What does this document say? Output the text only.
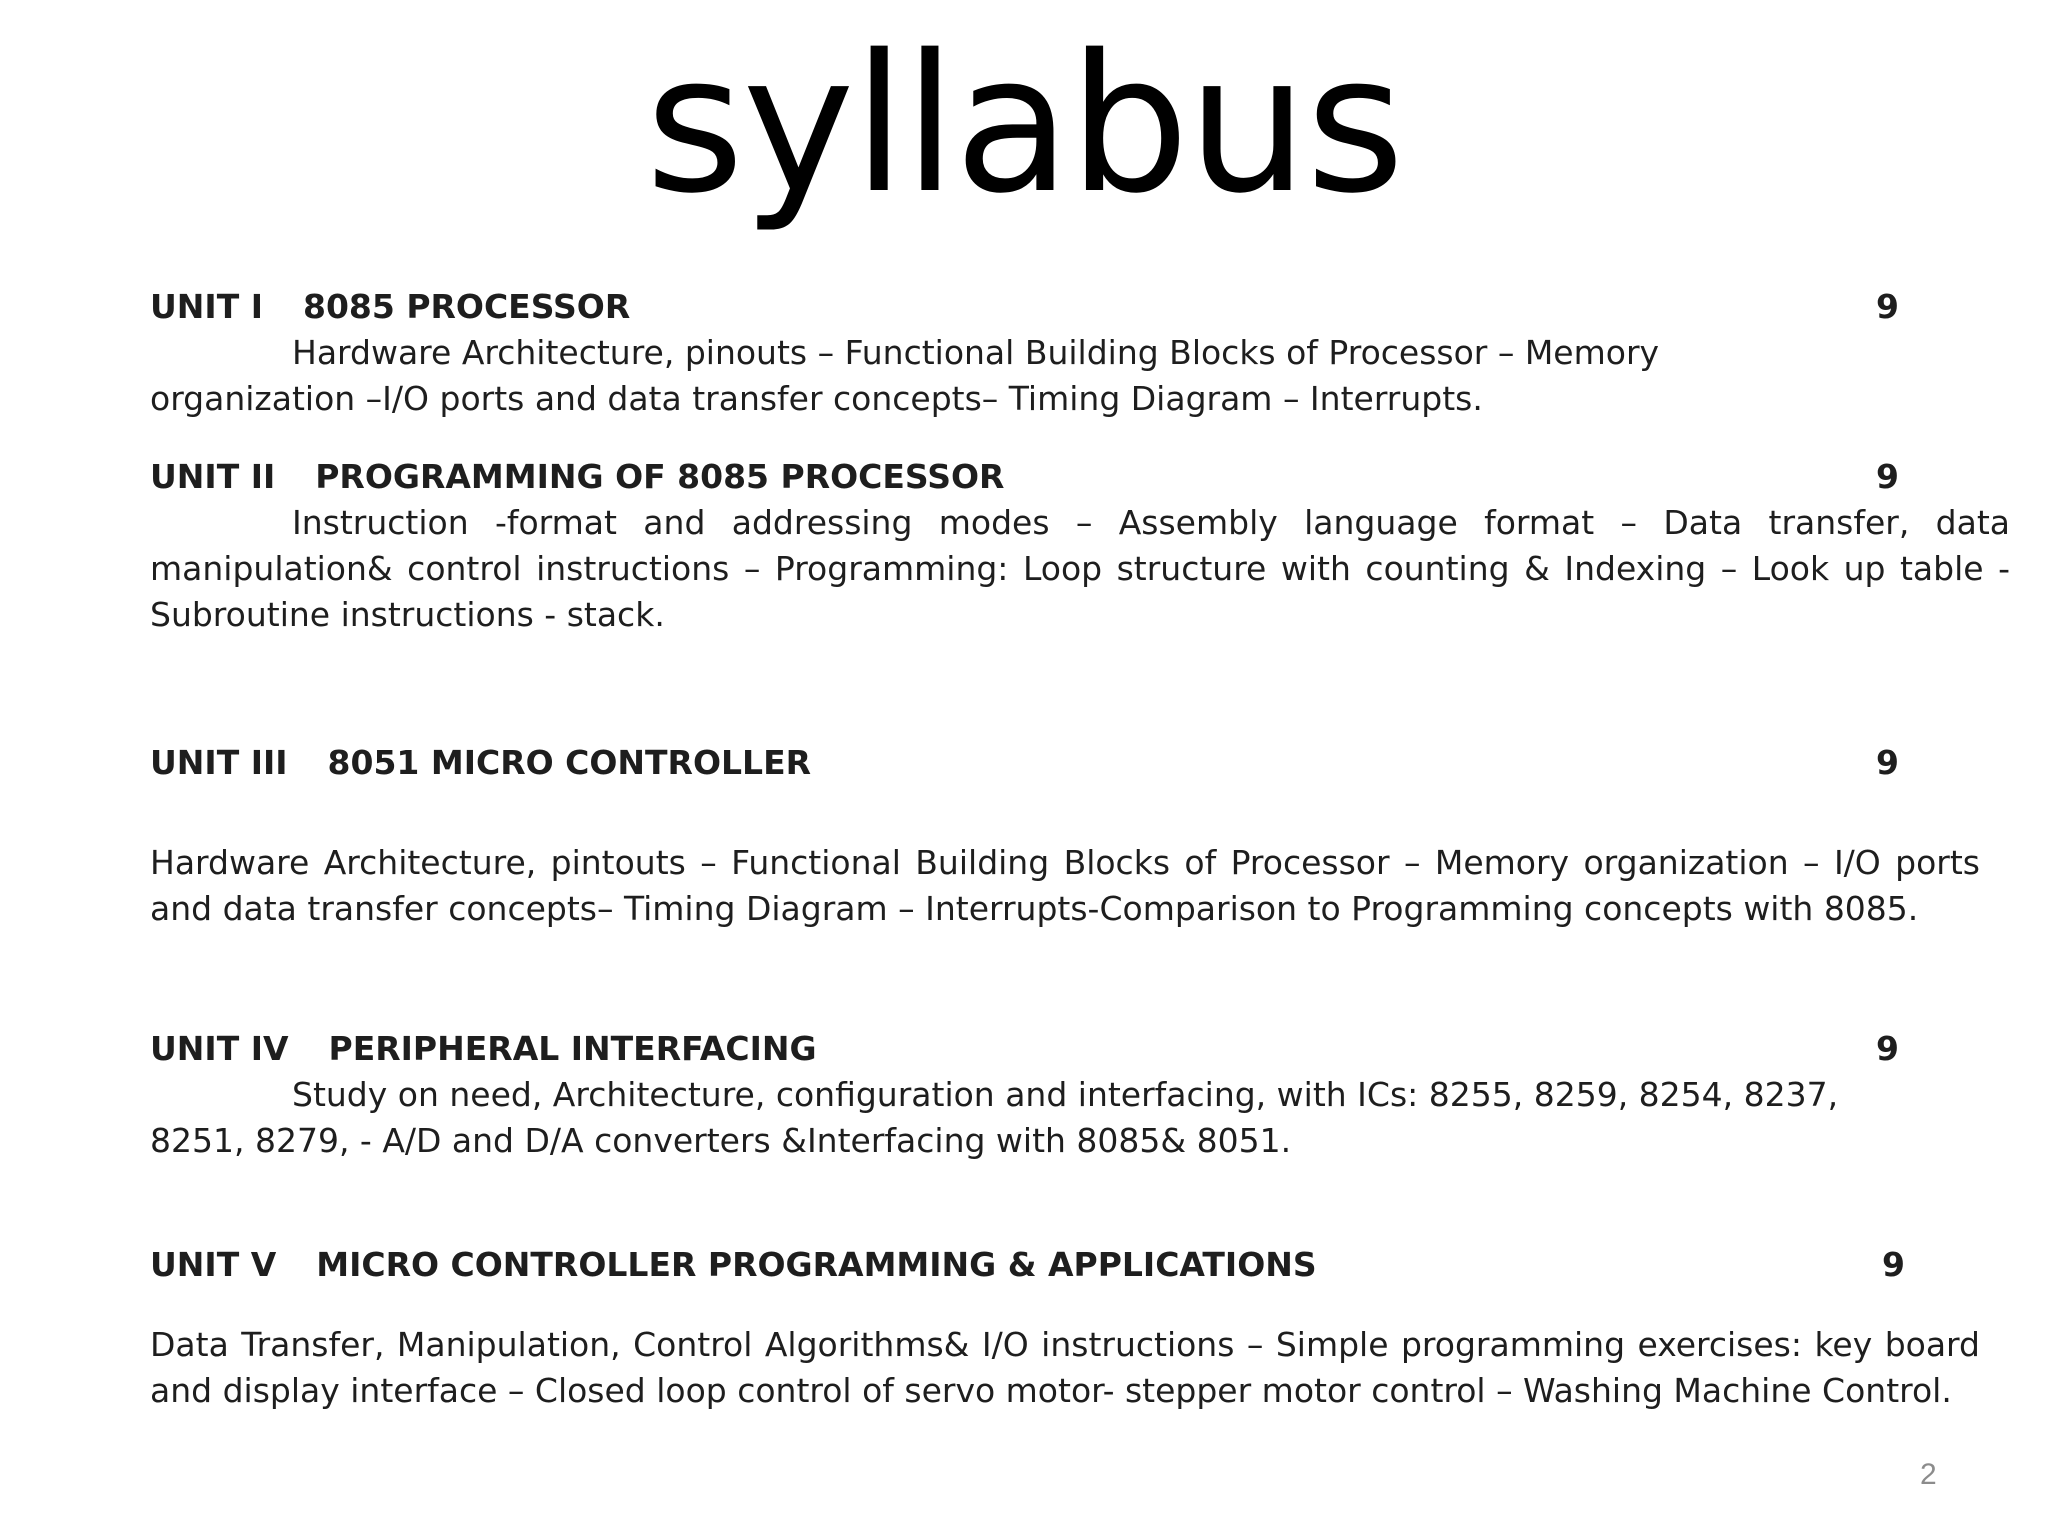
syllabus
UNIT I 8085 PROCESSOR	9
Hardware Architecture, pinouts – Functional Building Blocks of Processor – Memory organization –I/O ports and data transfer concepts– Timing Diagram – Interrupts.
UNIT II PROGRAMMING OF 8085 PROCESSOR	9
Instruction -format and addressing modes – Assembly language format – Data transfer, data manipulation& control instructions – Programming: Loop structure with counting & Indexing – Look up table - Subroutine instructions - stack.
UNIT III 8051 MICRO CONTROLLER	9
Hardware Architecture, pintouts – Functional Building Blocks of Processor – Memory organization – I/O ports and data transfer concepts– Timing Diagram – Interrupts-Comparison to Programming concepts with 8085.
UNIT IV PERIPHERAL INTERFACING	9
Study on need, Architecture, configuration and interfacing, with ICs: 8255, 8259, 8254, 8237, 8251, 8279, - A/D and D/A converters &Interfacing with 8085& 8051.
UNIT V MICRO CONTROLLER PROGRAMMING & APPLICATIONS	9
Data Transfer, Manipulation, Control Algorithms& I/O instructions – Simple programming exercises: key board and display interface – Closed loop control of servo motor- stepper motor control – Washing Machine Control.
2
